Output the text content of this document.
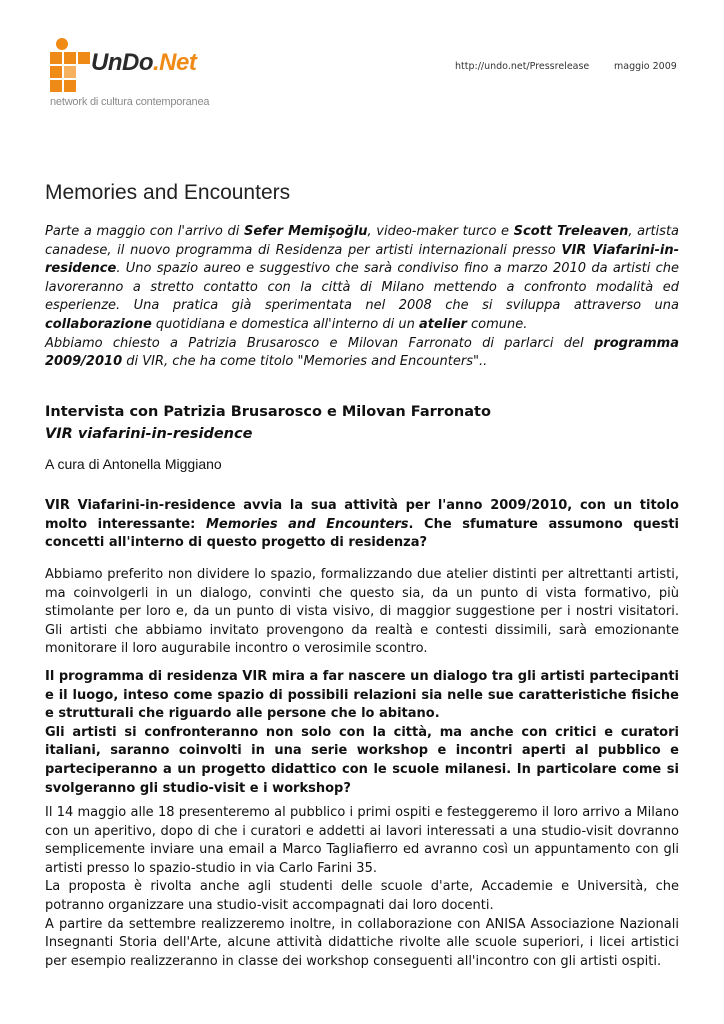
UnDo.Net
network di cultura contemporanea
http://undo.net/Pressrelease	maggio 2009
Memories and Encounters

Parte a maggio con l'arrivo di Sefer Memişoğlu, video-maker turco e Scott Treleaven, artista canadese, il nuovo programma di Residenza per artisti internazionali presso VIR Viafarini-in-residence. Uno spazio aureo e suggestivo che sarà condiviso fino a marzo 2010 da artisti che lavoreranno a stretto contatto con la città di Milano mettendo a confronto modalità ed esperienze. Una pratica già sperimentata nel 2008 che si sviluppa attraverso una collaborazione quotidiana e domestica all'interno di un atelier comune.

Abbiamo chiesto a Patrizia Brusarosco e Milovan Farronato di parlarci del programma 2009/2010 di VIR, che ha come titolo "Memories and Encounters"..

Intervista con Patrizia Brusarosco e Milovan Farronato

VIR viafarini-in-residence

A cura di Antonella Miggiano

VIR Viafarini-in-residence avvia la sua attività per l'anno 2009/2010, con un titolo molto interessante: Memories and Encounters. Che sfumature assumono questi concetti all'interno di questo progetto di residenza?

Abbiamo preferito non dividere lo spazio, formalizzando due atelier distinti per altrettanti artisti, ma coinvolgerli in un dialogo, convinti che questo sia, da un punto di vista formativo, più stimolante per loro e, da un punto di vista visivo, di maggior suggestione per i nostri visitatori. Gli artisti che abbiamo invitato provengono da realtà e contesti dissimili, sarà emozionante monitorare il loro augurabile incontro o verosimile scontro.

Il programma di residenza VIR mira a far nascere un dialogo tra gli artisti partecipanti e il luogo, inteso come spazio di possibili relazioni sia nelle sue caratteristiche fisiche e strutturali che riguardo alle persone che lo abitano.

Gli artisti si confronteranno non solo con la città, ma anche con critici e curatori italiani, saranno coinvolti in una serie workshop e incontri aperti al pubblico e parteciperanno a un progetto didattico con le scuole milanesi. In particolare come si svolgeranno gli studio-visit e i workshop?

Il 14 maggio alle 18 presenteremo al pubblico i primi ospiti e festeggeremo il loro arrivo a Milano con un aperitivo, dopo di che i curatori e addetti ai lavori interessati a una studio-visit dovranno semplicemente inviare una email a Marco Tagliafierro ed avranno così un appuntamento con gli artisti presso lo spazio-studio in via Carlo Farini 35.

La proposta è rivolta anche agli studenti delle scuole d'arte, Accademie e Università, che potranno organizzare una studio-visit accompagnati dai loro docenti.

A partire da settembre realizzeremo inoltre, in collaborazione con ANISA Associazione Nazionali Insegnanti Storia dell'Arte, alcune attività didattiche rivolte alle scuole superiori, i licei artistici per esempio realizzeranno in classe dei workshop conseguenti all'incontro con gli artisti ospiti.
